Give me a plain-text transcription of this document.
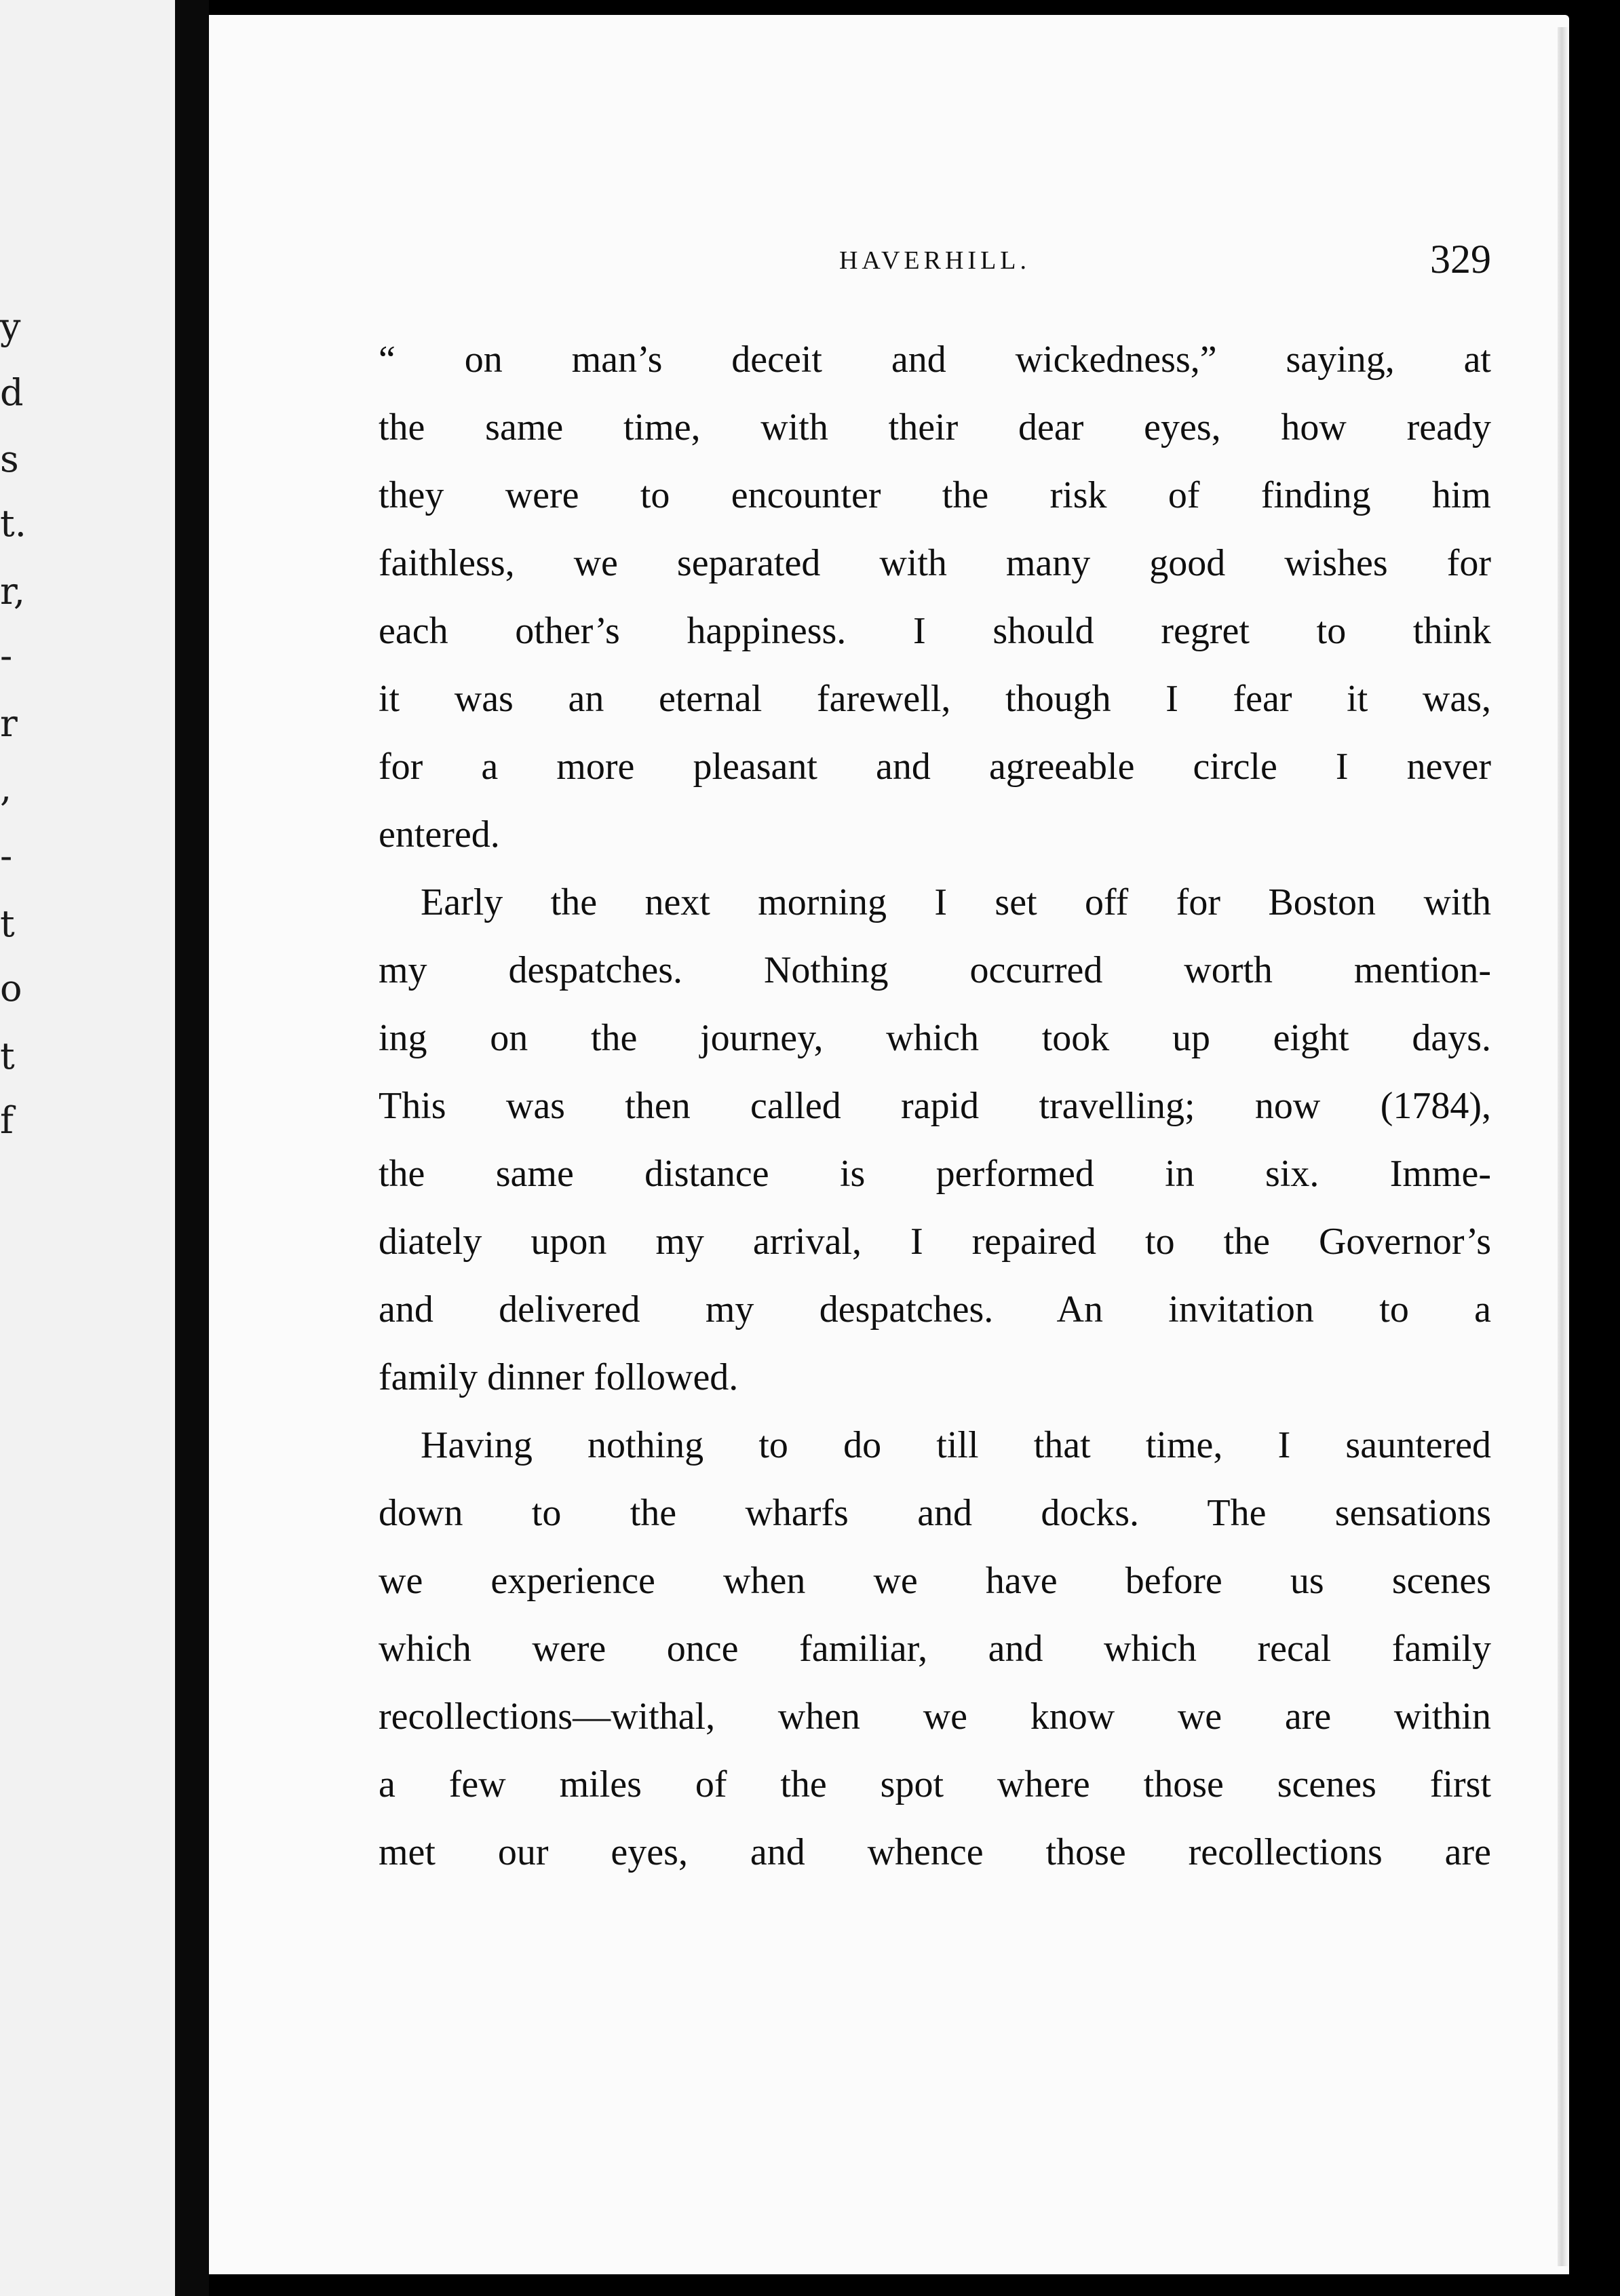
y
d
s
t.
r,
-
r
,
-
t
o
t
f
HAVERHILL.	329
“ on man’s deceit and wickedness,” saying, at
the same time, with their dear eyes, how ready
they were to encounter the risk of finding him
faithless, we separated with many good wishes for
each other’s happiness. I should regret to think
it was an eternal farewell, though I fear it was,
for a more pleasant and agreeable circle I never
entered.
Early the next morning I set off for Boston with
my despatches. Nothing occurred worth mention-
ing on the journey, which took up eight days.
This was then called rapid travelling; now (1784),
the same distance is performed in six. Imme-
diately upon my arrival, I repaired to the Governor’s
and delivered my despatches. An invitation to a
family dinner followed.
Having nothing to do till that time, I sauntered
down to the wharfs and docks. The sensations
we experience when we have before us scenes
which were once familiar, and which recal family
recollections—withal, when we know we are within
a few miles of the spot where those scenes first
met our eyes, and whence those recollections are
